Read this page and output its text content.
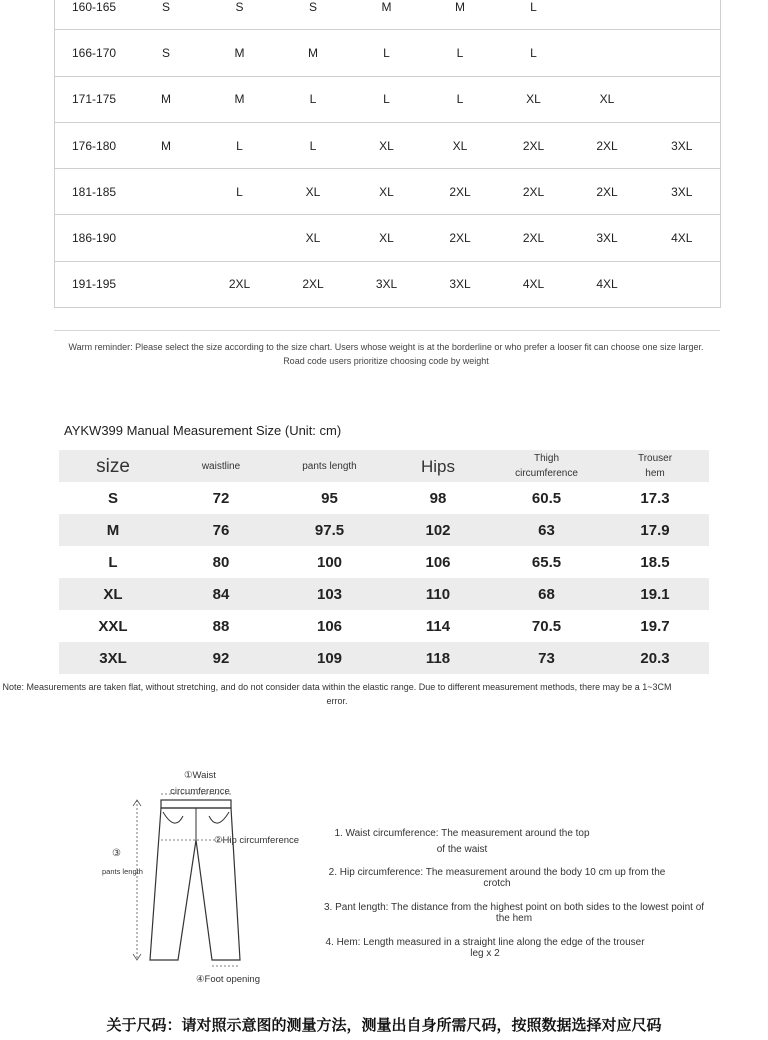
160-165	S	S	S	M	M	L		
166-170	S	M	M	L	L	L		
171-175	M	M	L	L	L	XL	XL	
176-180	M	L	L	XL	XL	2XL	2XL	3XL
181-185		L	XL	XL	2XL	2XL	2XL	3XL
186-190			XL	XL	2XL	2XL	3XL	4XL
191-195		2XL	2XL	3XL	3XL	4XL	4XL	
Warm reminder: Please select the size according to the size chart. Users whose weight is at the borderline or who prefer a looser fit can choose one size larger. Road code users prioritize choosing code by weight
AYKW399 Manual Measurement Size (Unit: cm)
size	waistline	pants length	Hips	Thigh circumference	Trouser hem
S	72	95	98	60.5	17.3
M	76	97.5	102	63	17.9
L	80	100	106	65.5	18.5
XL	84	103	110	68	19.1
XXL	88	106	114	70.5	19.7
3XL	92	109	118	73	20.3
Note: Measurements are taken flat, without stretching, and do not consider data within the elastic range. Due to different measurement methods, there may be a 1~3CM error.
①Waist circumference
②Hip circumference
③
pants length
④Foot opening
1. Waist circumference: The measurement around the top of the waist
2. Hip circumference: The measurement around the body 10 cm up from the crotch
3. Pant length: The distance from the highest point on both sides to the lowest point of the hem
4. Hem: Length measured in a straight line along the edge of the trouser leg x 2
关于尺码：请对照示意图的测量方法，测量出自身所需尺码，按照数据选择对应尺码
